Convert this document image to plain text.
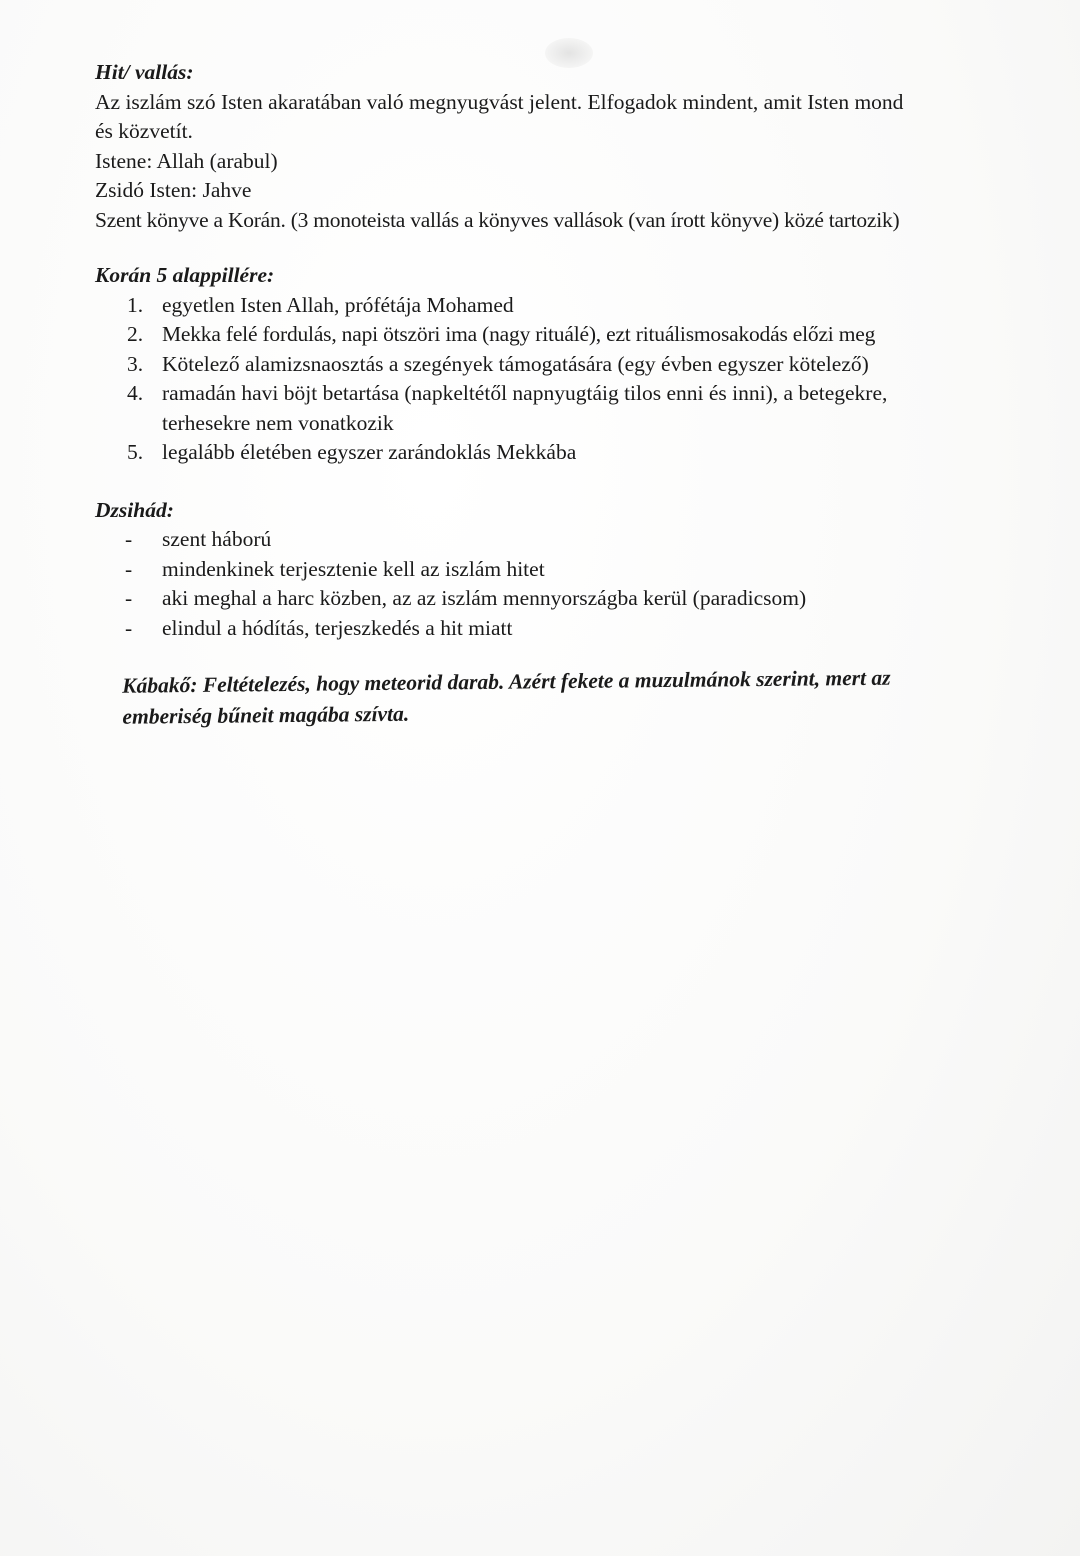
Hit/ vallás:

Az iszlám szó Isten akaratában való megnyugvást jelent. Elfogadok mindent, amit Isten mond

és közvetít.

Istene: Allah (arabul)

Zsidó Isten: Jahve

Szent könyve a Korán. (3 monoteista vallás a könyves vallások (van írott könyve) közé tartozik)

Korán 5 alappillére:

1. egyetlen Isten Allah, prófétája Mohamed
2. Mekka felé fordulás, napi ötszöri ima (nagy rituálé), ezt rituálismosakodás előzi meg
3. Kötelező alamizsnaosztás a szegények támogatására (egy évben egyszer kötelező)
4. ramadán havi böjt betartása (napkeltétől napnyugtáig tilos enni és inni), a betegekre, terhesekre nem vonatkozik
5. legalább életében egyszer zarándoklás Mekkába

Dzsihád:

- szent háború
- mindenkinek terjesztenie kell az iszlám hitet
- aki meghal a harc közben, az az iszlám mennyországba kerül (paradicsom)
- elindul a hódítás, terjeszkedés a hit miatt

Kábakő: Feltételezés, hogy meteorid darab. Azért fekete a muzulmánok szerint, mert az emberiség bűneit magába szívta.
